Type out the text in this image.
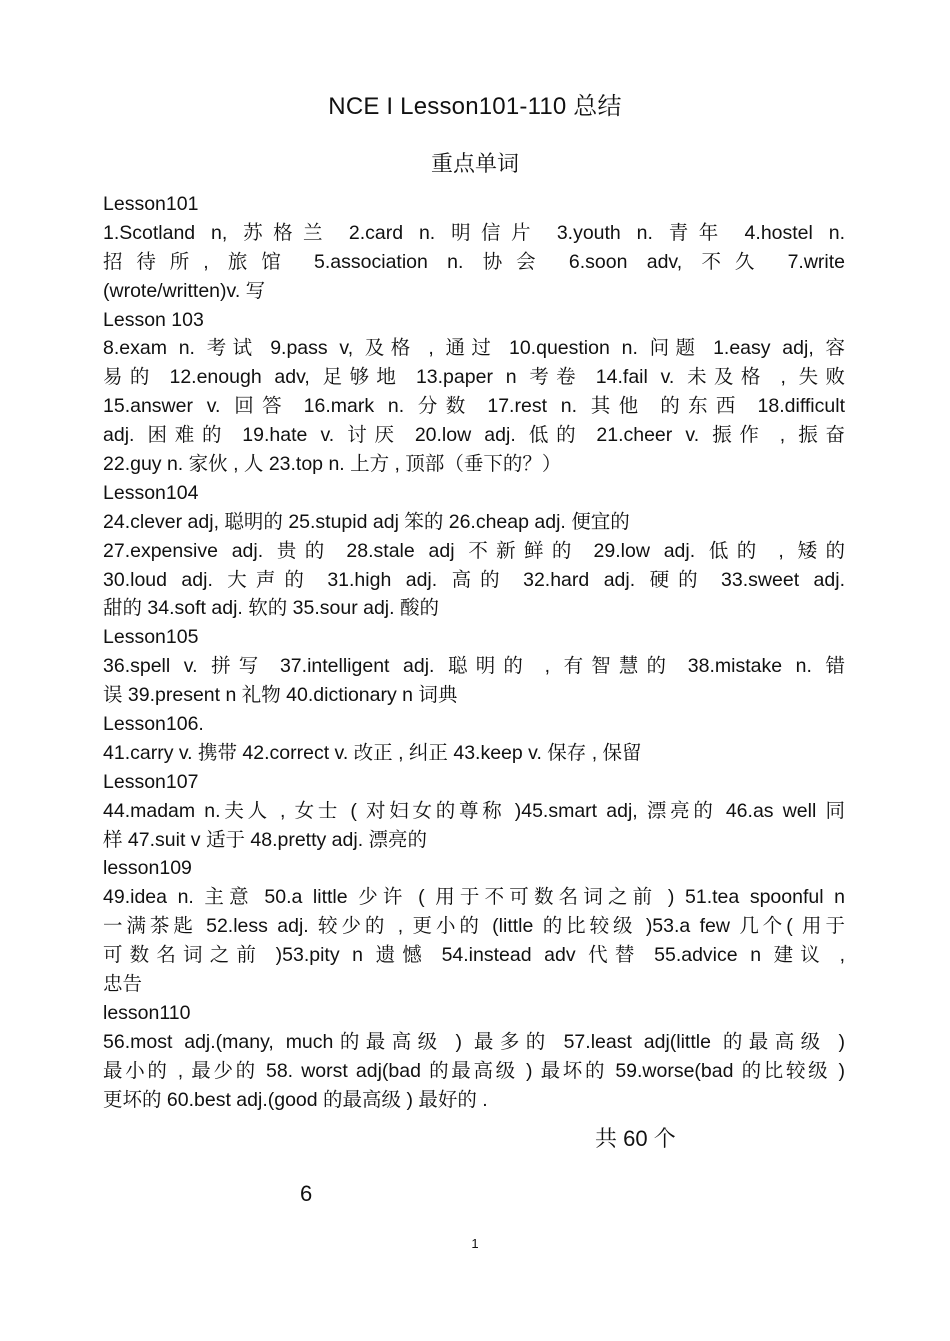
NCE I Lesson101-110 总结
重点单词
Lesson101
1.Scotland n, 苏格兰 2.card n. 明信片 3.youth n. 青年 4.hostel n.
招待所, 旅馆 5.association n. 协会 6.soon adv, 不久 7.write
(wrote/written)v. 写
Lesson 103
8.exam n. 考试 9.pass v, 及格 , 通过 10.question n. 问题 1.easy adj, 容
易的 12.enough adv, 足够地 13.paper n 考卷 14.fail v. 未及格 , 失败
15.answer v. 回答 16.mark n. 分数 17.rest n. 其他 的东西 18.difficult
adj. 困难的 19.hate v. 讨厌 20.low adj. 低的 21.cheer v. 振作 , 振奋
22.guy n. 家伙 , 人 23.top n. 上方 , 顶部（垂下的？）
Lesson104
24.clever adj, 聪明的 25.stupid adj 笨的 26.cheap adj. 便宜的
27.expensive adj. 贵的 28.stale adj 不新鲜的 29.low adj. 低的 , 矮的
30.loud adj. 大声的 31.high adj. 高的 32.hard adj. 硬的 33.sweet adj.
甜的 34.soft adj. 软的 35.sour adj. 酸的
Lesson105
36.spell v. 拼写 37.intelligent adj. 聪明的 , 有智慧的 38.mistake n. 错
误 39.present n 礼物 40.dictionary n 词典
Lesson106.
41.carry v. 携带 42.correct v. 改正 , 纠正 43.keep v. 保存 , 保留
Lesson107
44.madam n.夫人 , 女士 ( 对妇女的尊称 )45.smart adj, 漂亮的 46.as well 同
样 47.suit v 适于 48.pretty adj. 漂亮的
lesson109
49.idea n. 主意 50.a little 少许 ( 用于不可数名词之前 ) 51.tea spoonful n
一满茶匙 52.less adj. 较少的 , 更小的 (little 的比较级 )53.a few 几个( 用于
可数名词之前 )53.pity n 遗憾 54.instead adv 代替 55.advice n 建议 ,
忠告
lesson110
56.most adj.(many, much的最高级 ) 最多的 57.least adj(little 的最高级 )
最小的 , 最少的 58. worst adj(bad 的最高级 ) 最坏的 59.worse(bad 的比较级 )
更坏的 60.best adj.(good 的最高级 ) 最好的 .
共 60 个
6
1
